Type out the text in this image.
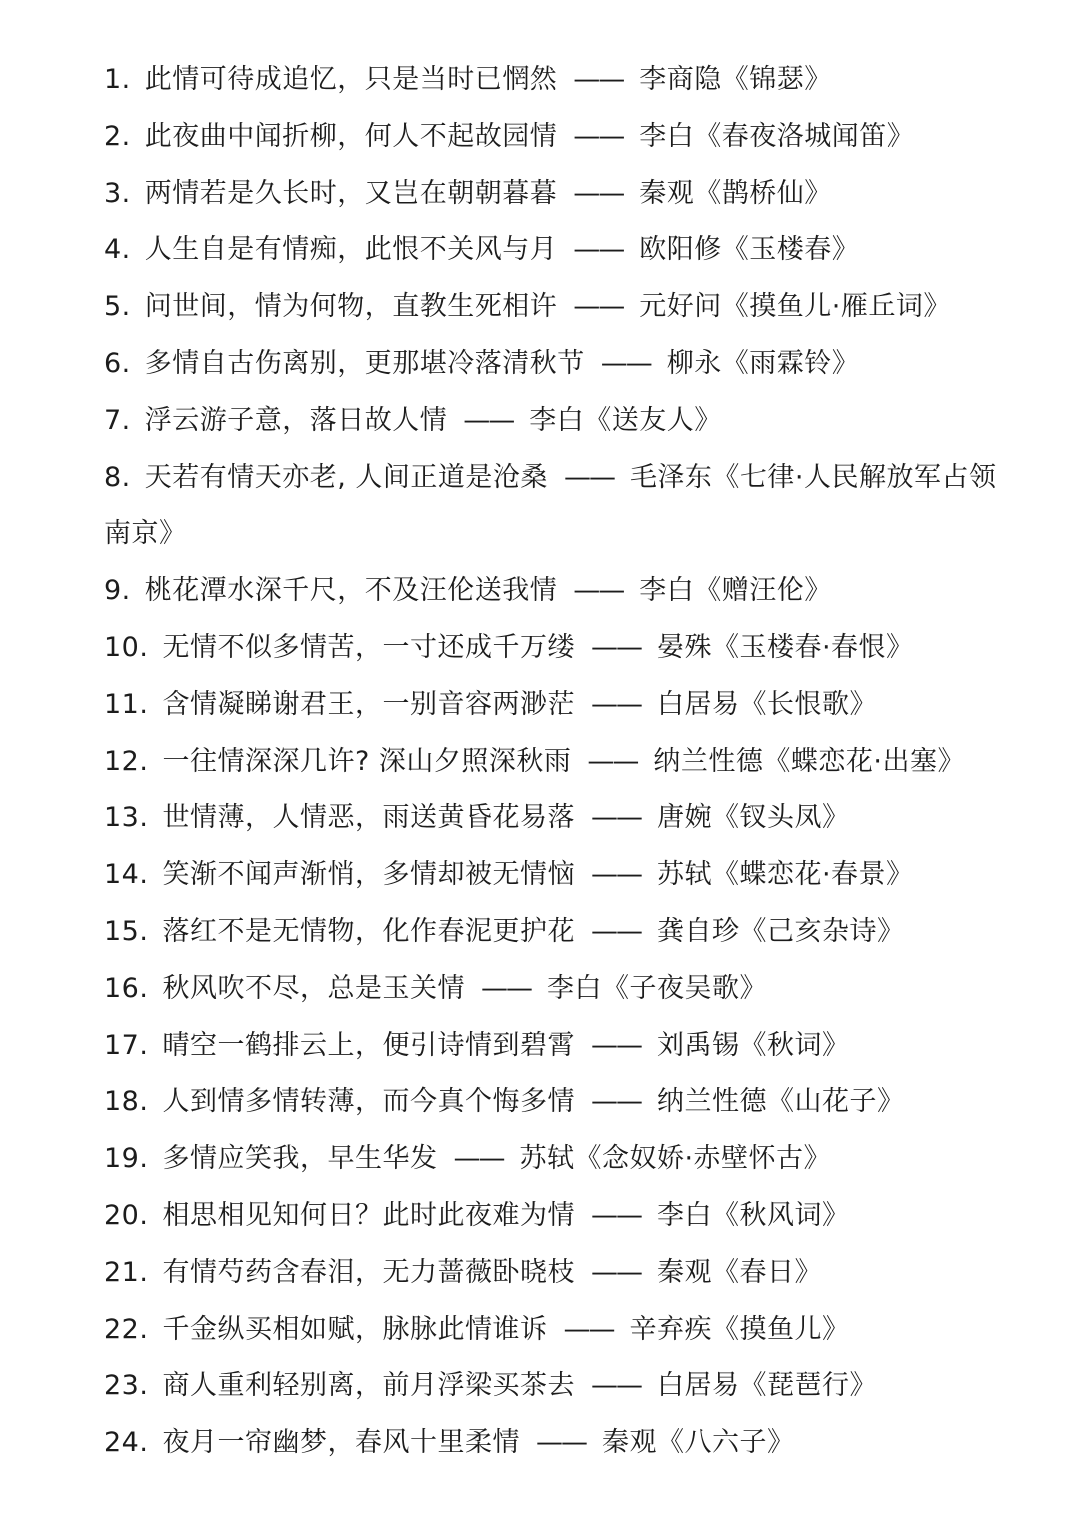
1. 此情可待成追忆，只是当时已惘然 —— 李商隐《锦瑟》
2. 此夜曲中闻折柳，何人不起故园情 —— 李白《春夜洛城闻笛》
3. 两情若是久长时，又岂在朝朝暮暮 —— 秦观《鹊桥仙》
4. 人生自是有情痴，此恨不关风与月 —— 欧阳修《玉楼春》
5. 问世间，情为何物，直教生死相许 —— 元好问《摸鱼儿·雁丘词》
6. 多情自古伤离别，更那堪冷落清秋节 —— 柳永《雨霖铃》
7. 浮云游子意，落日故人情 —— 李白《送友人》
8. 天若有情天亦老, 人间正道是沧桑 —— 毛泽东《七律·人民解放军占领南京》
9. 桃花潭水深千尺，不及汪伦送我情 —— 李白《赠汪伦》
10. 无情不似多情苦，一寸还成千万缕 —— 晏殊《玉楼春·春恨》
11. 含情凝睇谢君王，一别音容两渺茫 —— 白居易《长恨歌》
12. 一往情深深几许? 深山夕照深秋雨 —— 纳兰性德《蝶恋花·出塞》
13. 世情薄，人情恶，雨送黄昏花易落 —— 唐婉《钗头凤》
14. 笑渐不闻声渐悄，多情却被无情恼 —— 苏轼《蝶恋花·春景》
15. 落红不是无情物，化作春泥更护花 —— 龚自珍《己亥杂诗》
16. 秋风吹不尽，总是玉关情 —— 李白《子夜吴歌》
17. 晴空一鹤排云上，便引诗情到碧霄 —— 刘禹锡《秋词》
18. 人到情多情转薄，而今真个悔多情 —— 纳兰性德《山花子》
19. 多情应笑我，早生华发 —— 苏轼《念奴娇·赤壁怀古》
20. 相思相见知何日？此时此夜难为情 —— 李白《秋风词》
21. 有情芍药含春泪，无力蔷薇卧晓枝 —— 秦观《春日》
22. 千金纵买相如赋，脉脉此情谁诉 —— 辛弃疾《摸鱼儿》
23. 商人重利轻别离，前月浮梁买茶去 —— 白居易《琵琶行》
24. 夜月一帘幽梦，春风十里柔情 —— 秦观《八六子》
